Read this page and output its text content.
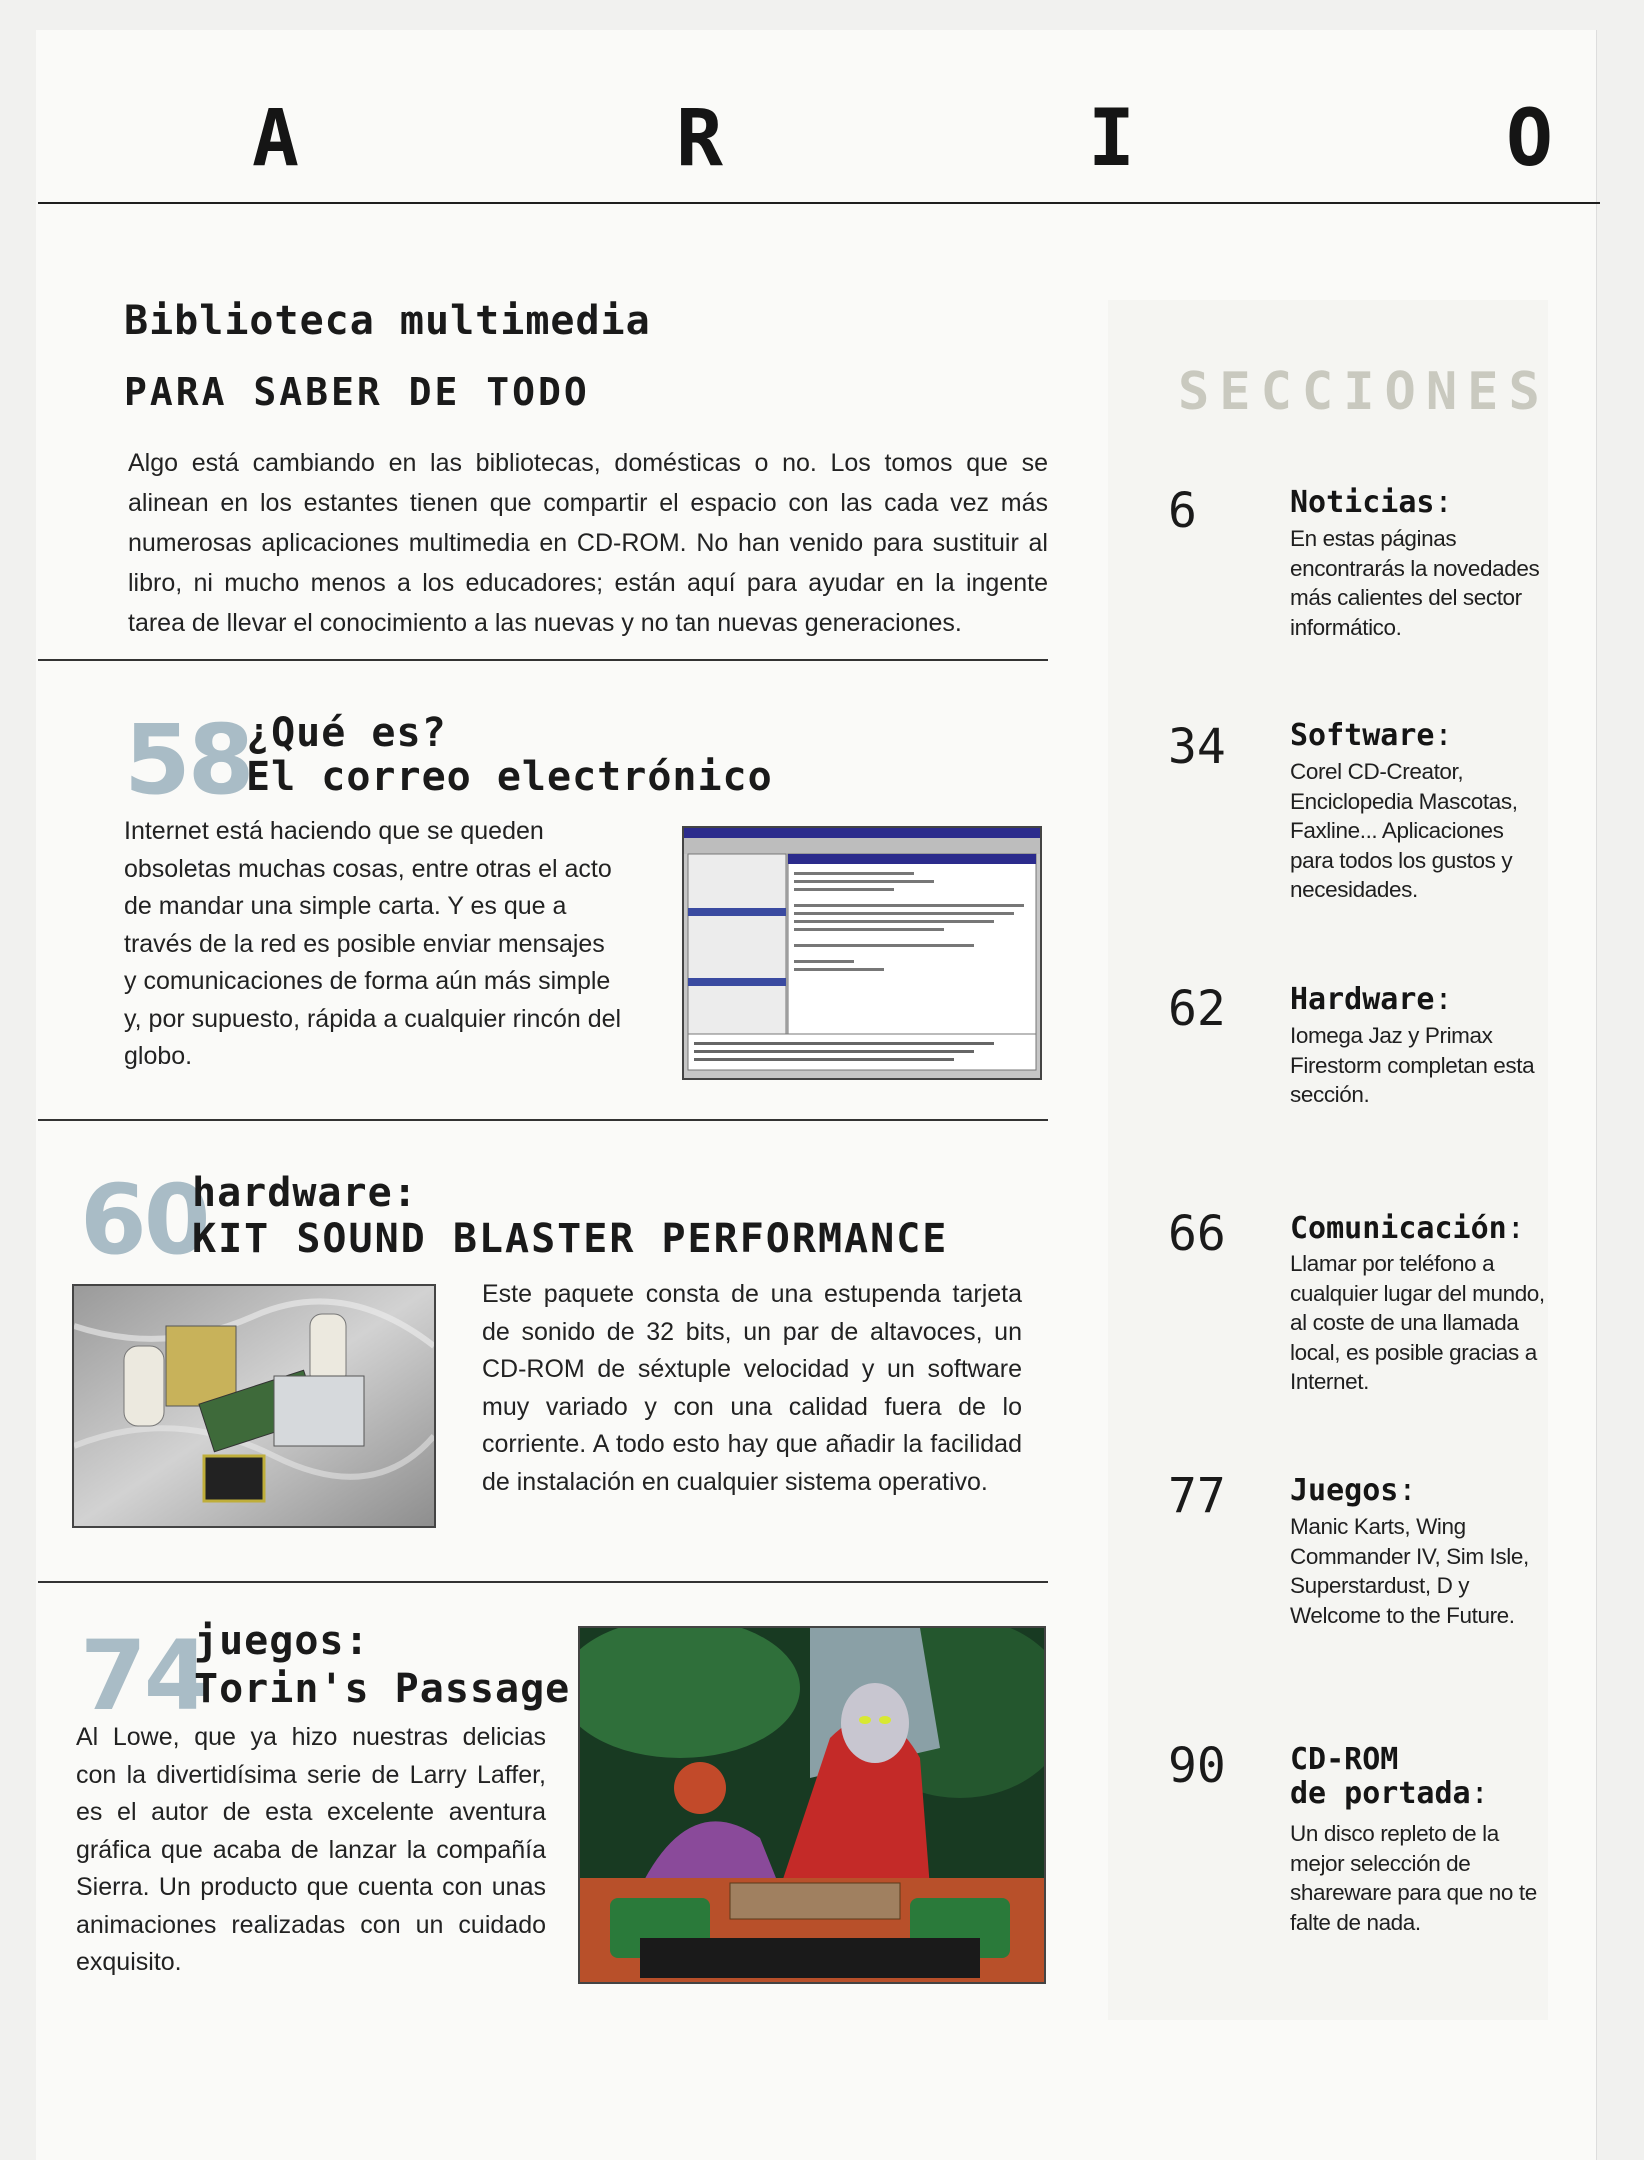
A	R	I	O
SECCIONES
Biblioteca multimedia
PARA SABER DE TODO
Algo está cambiando en las bibliotecas, domésticas o no. Los tomos que se alinean en los estantes tienen que compartir el espacio con las cada vez más numerosas aplicaciones multimedia en CD-ROM. No han venido para sustituir al libro, ni mucho menos a los educadores; están aquí para ayudar en la ingente tarea de llevar el conocimiento a las nuevas y no tan nuevas generaciones.
58
¿Qué es?
El correo electrónico
Internet está haciendo que se queden obsoletas muchas cosas, entre otras el acto de mandar una simple carta. Y es que a través de la red es posible enviar mensajes y comunicaciones de forma aún más simple y, por supuesto, rápida a cualquier rincón del globo.
60
hardware:
KIT SOUND BLASTER PERFORMANCE
Este paquete consta de una estupenda tarjeta de sonido de 32 bits, un par de altavoces, un CD-ROM de séxtuple velocidad y un software muy variado y con una calidad fuera de lo corriente. A todo esto hay que añadir la facilidad de instalación en cualquier sistema operativo.
74
juegos:
Torin's Passage
Al Lowe, que ya hizo nuestras delicias con la divertidísima serie de Larry Laffer, es el autor de esta excelente aventura gráfica que acaba de lanzar la compañía Sierra. Un producto que cuenta con unas animaciones realizadas con un cuidado exquisito.
6	Noticias:
En estas páginas encontrarás la novedades más calientes del sector informático.
34 Software:
Corel CD-Creator, Enciclopedia Mascotas, Faxline... Aplicaciones para todos los gustos y necesidades.
62 Hardware:
Iomega Jaz y Primax Firestorm completan esta sección.
66 Comunicación:
Llamar por teléfono a cualquier lugar del mundo, al coste de una llamada local, es posible gracias a Internet.
77 Juegos:
Manic Karts, Wing Commander IV, Sim Isle, Superstardust, D y Welcome to the Future.
90 CD-ROM
de portada:
Un disco repleto de la mejor selección de shareware para que no te falte de nada.
